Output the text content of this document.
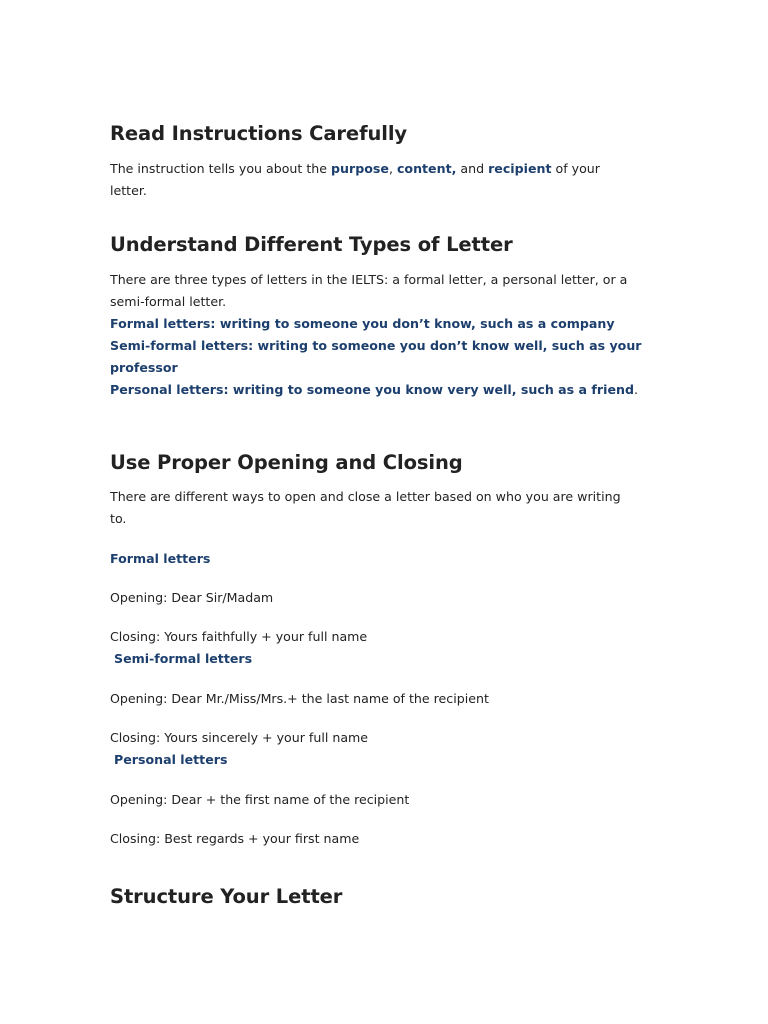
Read Instructions Carefully
The instruction tells you about the purpose, content, and recipient of your
letter.
Understand Different Types of Letter
There are three types of letters in the IELTS: a formal letter, a personal letter, or a
semi-formal letter.
Formal letters: writing to someone you don’t know, such as a company
Semi-formal letters: writing to someone you don’t know well, such as your
professor
Personal letters: writing to someone you know very well, such as a friend.
Use Proper Opening and Closing
There are different ways to open and close a letter based on who you are writing
to.
Formal letters
Opening: Dear Sir/Madam
Closing: Yours faithfully + your full name
Semi-formal letters
Opening: Dear Mr./Miss/Mrs.+ the last name of the recipient
Closing: Yours sincerely + your full name
Personal letters
Opening: Dear + the first name of the recipient
Closing: Best regards + your first name
Structure Your Letter
